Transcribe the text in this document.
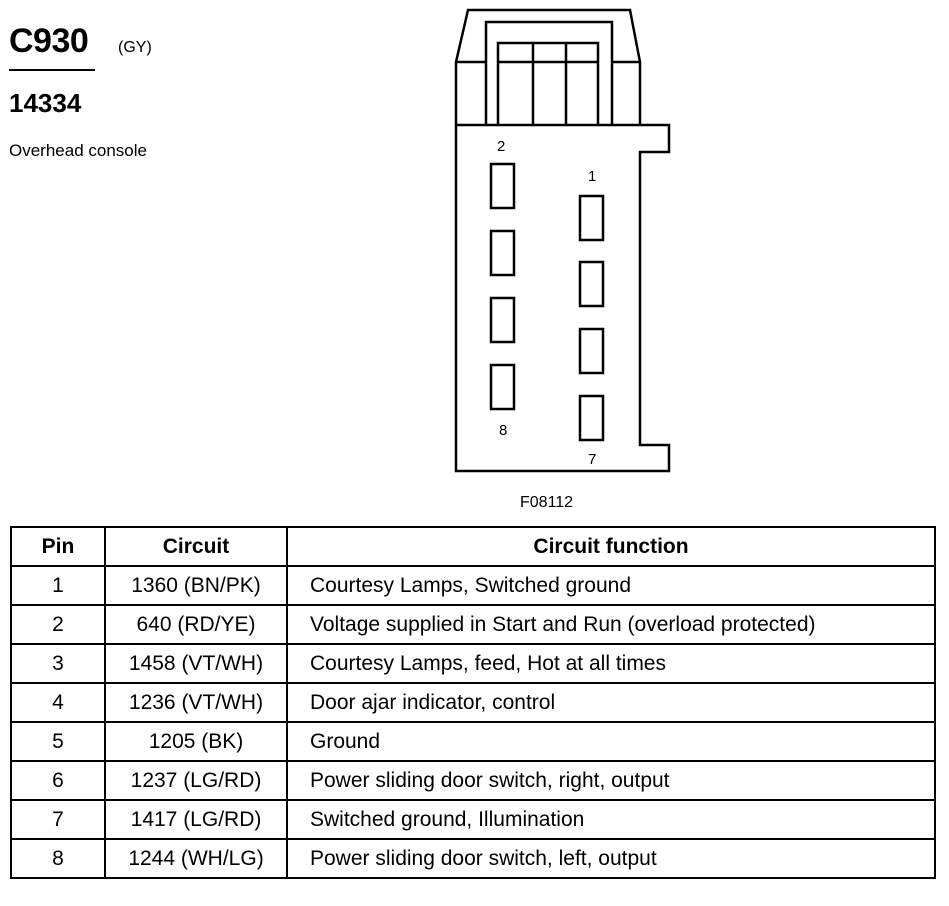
C930 (GY)
14334
Overhead console	2
1
8
7
F08112
Pin	Circuit	Circuit function
1	1360 (BN/PK)	Courtesy Lamps, Switched ground
2	640 (RD/YE)	Voltage supplied in Start and Run (overload protected)
3	1458 (VT/WH)	Courtesy Lamps, feed, Hot at all times
4	1236 (VT/WH)	Door ajar indicator, control
5	1205 (BK)	Ground
6	1237 (LG/RD)	Power sliding door switch, right, output
7	1417 (LG/RD)	Switched ground, Illumination
8	1244 (WH/LG)	Power sliding door switch, left, output
